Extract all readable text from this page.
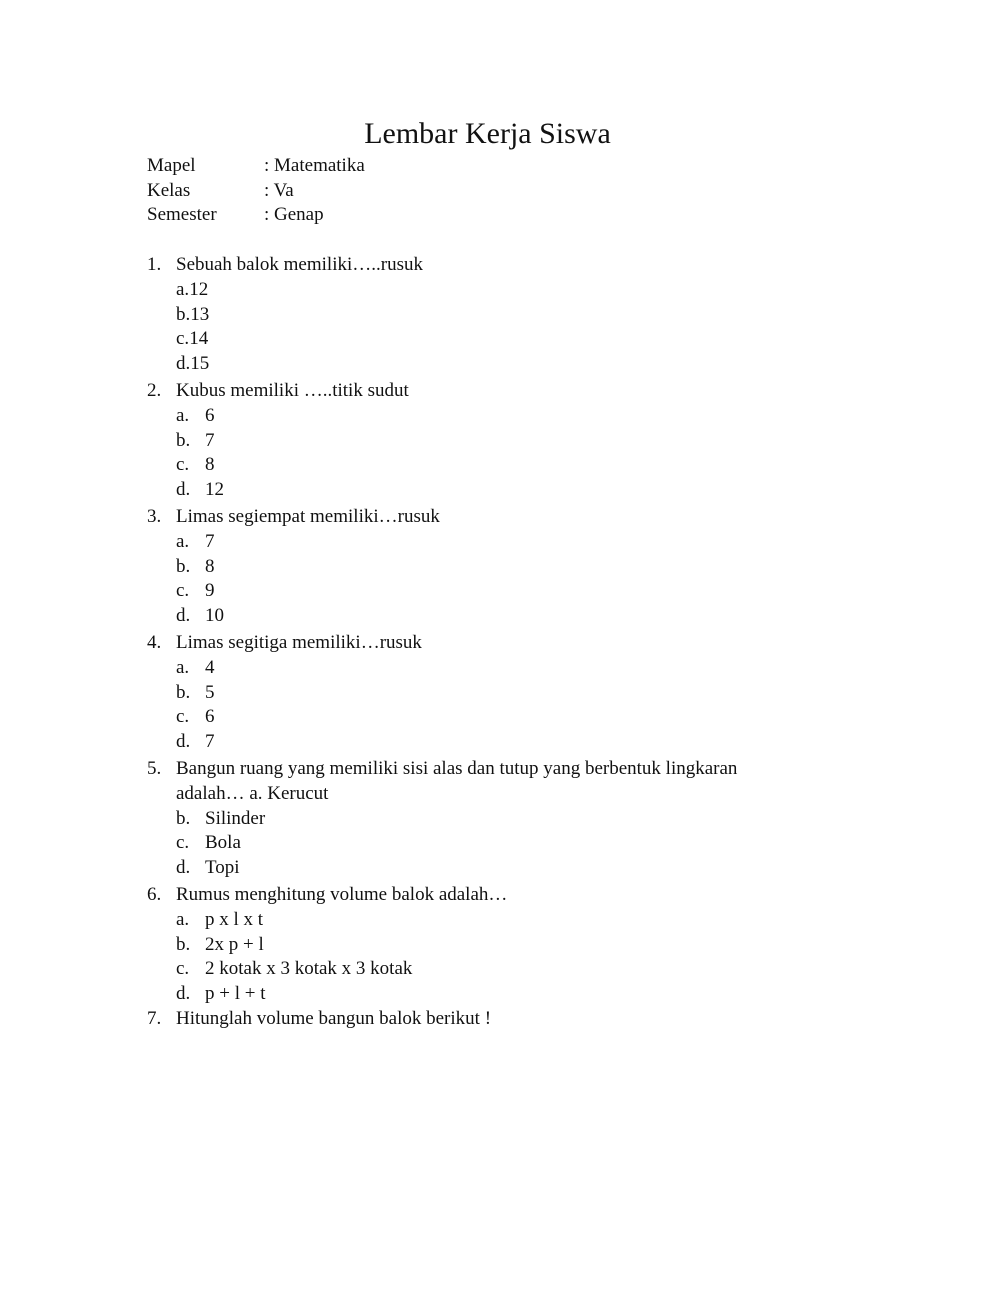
Lembar Kerja Siswa
Mapel	: Matematika
Kelas	: Va
Semester : Genap
1. Sebuah balok memiliki…..rusuk
a.12
b.13
c.14
d.15
2. Kubus memiliki …..titik sudut
a. 6
b. 7
c. 8
d. 12
3. Limas segiempat memiliki…rusuk
a. 7
b. 8
c. 9
d. 10
4. Limas segitiga memiliki…rusuk
a. 4
b. 5
c. 6
d. 7
5. Bangun ruang yang memiliki sisi alas dan tutup yang berbentuk lingkaran
adalah… a. Kerucut
b. Silinder
c. Bola
d. Topi
6. Rumus menghitung volume balok adalah…
a. p x l x t
b. 2x p + l
c. 2 kotak x 3 kotak x 3 kotak
d. p + l + t
7. Hitunglah volume bangun balok berikut !
